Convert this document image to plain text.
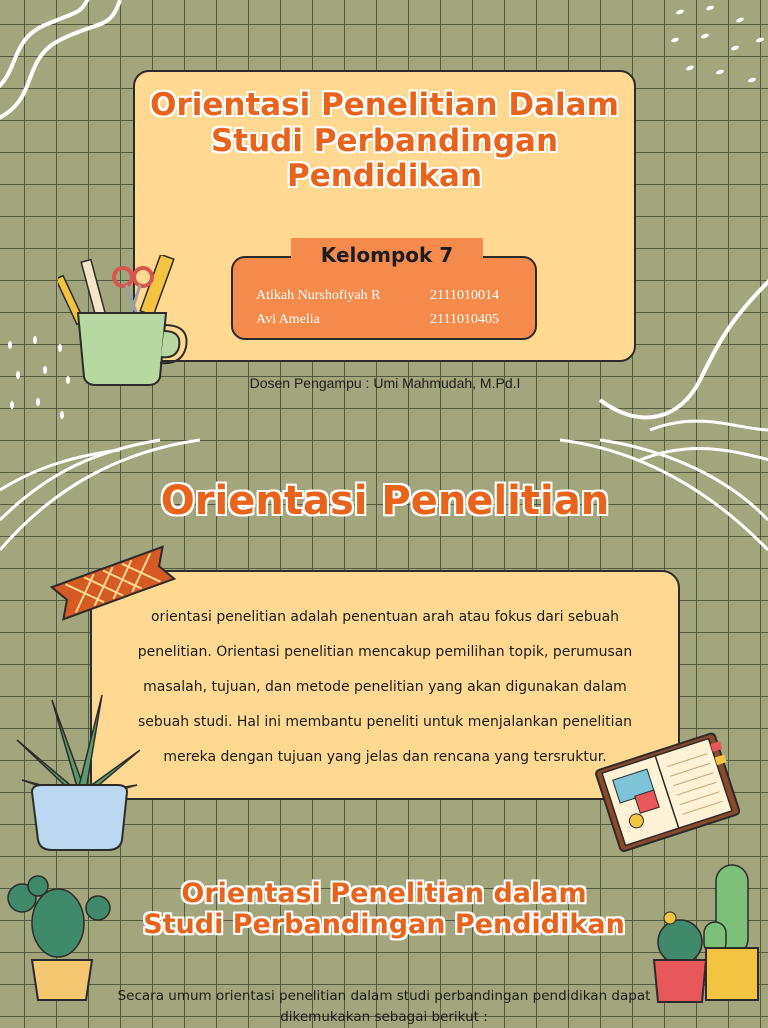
Orientasi Penelitian Dalam
Studi Perbandingan
Pendidikan
Kelompok 7
Atikah Nurshofiyah R	2111010014
Avi Amelia	2111010405
Dosen Pengampu : Umi Mahmudah, M.Pd.I
Orientasi Penelitian
orientasi penelitian adalah penentuan arah atau fokus dari sebuah
penelitian. Orientasi penelitian mencakup pemilihan topik, perumusan
masalah, tujuan, dan metode penelitian yang akan digunakan dalam
sebuah studi. Hal ini membantu peneliti untuk menjalankan penelitian
mereka dengan tujuan yang jelas dan rencana yang tersruktur.
Orientasi Penelitian dalam
Studi Perbandingan Pendidikan
Secara umum orientasi penelitian dalam studi perbandingan pendidikan dapat
dikemukakan sebagai berikut :
